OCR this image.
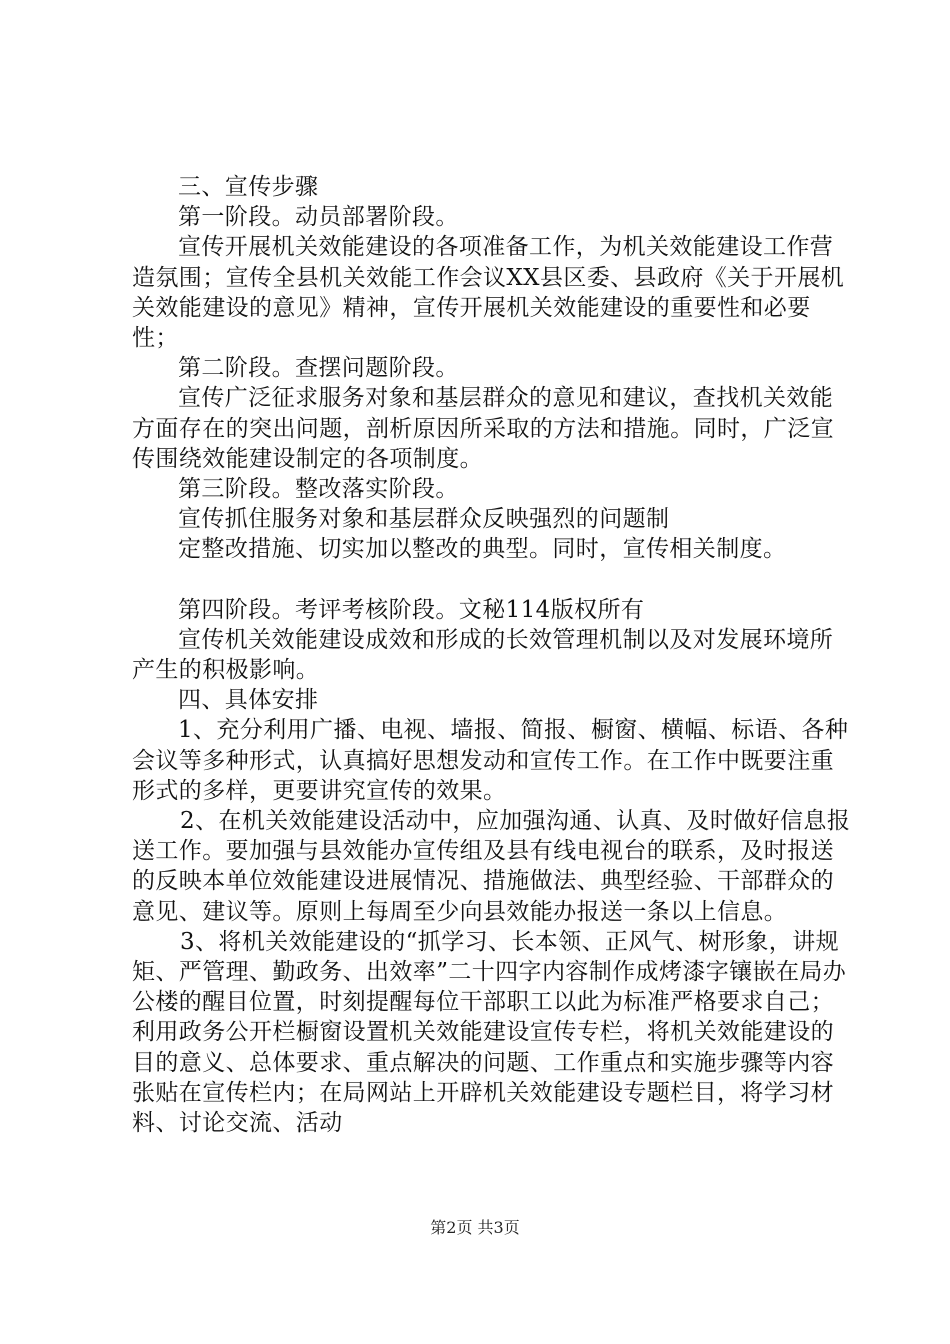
三、宣传步骤

第一阶段。动员部署阶段。

宣传开展机关效能建设的各项准备工作，为机关效能建设工作营造氛围；宣传全县机关效能工作会议XX县区委、县政府《关于开展机关效能建设的意见》精神，宣传开展机关效能建设的重要性和必要性；

第二阶段。查摆问题阶段。

宣传广泛征求服务对象和基层群众的意见和建议，查找机关效能方面存在的突出问题，剖析原因所采取的方法和措施。同时，广泛宣传围绕效能建设制定的各项制度。

第三阶段。整改落实阶段。

宣传抓住服务对象和基层群众反映强烈的问题制

定整改措施、切实加以整改的典型。同时，宣传相关制度。

第四阶段。考评考核阶段。文秘114版权所有

宣传机关效能建设成效和形成的长效管理机制以及对发展环境所产生的积极影响。

四、具体安排

1、充分利用广播、电视、墙报、简报、橱窗、横幅、标语、各种会议等多种形式，认真搞好思想发动和宣传工作。在工作中既要注重形式的多样，更要讲究宣传的效果。

2、在机关效能建设活动中，应加强沟通、认真、及时做好信息报送工作。要加强与县效能办宣传组及县有线电视台的联系，及时报送的反映本单位效能建设进展情况、措施做法、典型经验、干部群众的意见、建议等。原则上每周至少向县效能办报送一条以上信息。

3、将机关效能建设的“抓学习、长本领、正风气、树形象，讲规矩、严管理、勤政务、出效率”二十四字内容制作成烤漆字镶嵌在局办公楼的醒目位置，时刻提醒每位干部职工以此为标准严格要求自己；利用政务公开栏橱窗设置机关效能建设宣传专栏，将机关效能建设的目的意义、总体要求、重点解决的问题、工作重点和实施步骤等内容张贴在宣传栏内；在局网站上开辟机关效能建设专题栏目，将学习材料、讨论交流、活动

第2页 共3页
